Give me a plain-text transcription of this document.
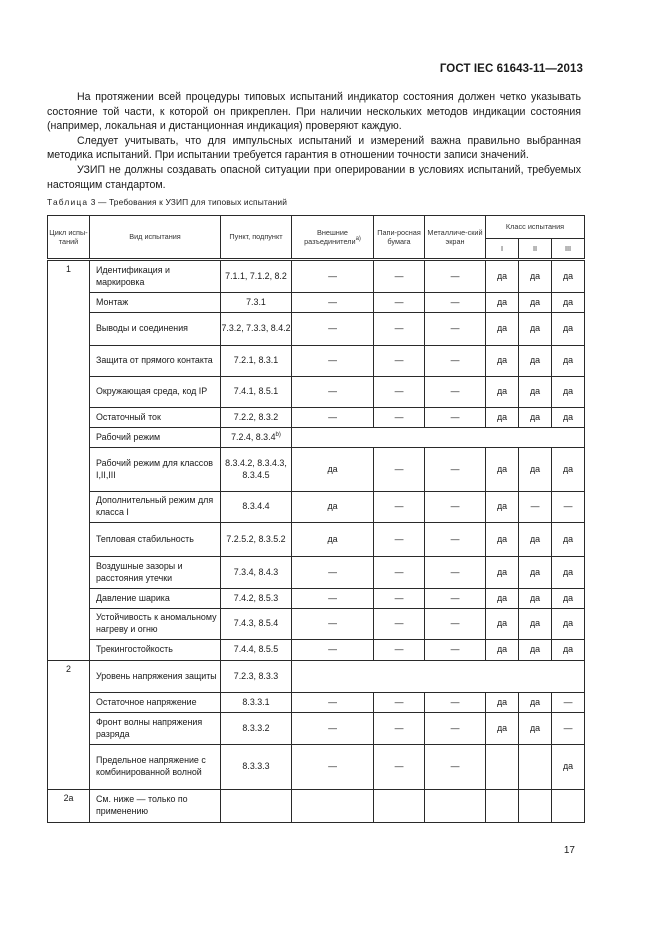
ГОСТ IEC 61643-11—2013

На протяжении всей процедуры типовых испытаний индикатор состояния должен четко указывать состояние той части, к которой он прикреплен. При наличии нескольких методов индикации состояния (например, локальная и дистанционная индикация) проверяют каждую.

Следует учитывать, что для импульсных испытаний и измерений важна правильно выбранная методика испытаний. При испытании требуется гарантия в отношении точности записи значений.

УЗИП не должны создавать опасной ситуации при оперировании в условиях испытаний, требуемых настоящим стандартом.

Таблица 3 — Требования к УЗИП для типовых испытаний
Цикл испы-таний	Вид испытания	Пункт, подпункт	Внешние разъединители$^{a)}$	Папи-росная бумага	Металличе-ский экран	Класс испытания		
						I	II	III
1	Идентификация и маркировка	7.1.1, 7.1.2, 8.2	—	—	—	да	да	да
	Монтаж	7.3.1	—	—	—	да	да	да
	Выводы и соединения	7.3.2, 7.3.3, 8.4.2	—	—	—	да	да	да
	Защита от прямого контакта	7.2.1, 8.3.1	—	—	—	да	да	да
	Окружающая среда, код IP	7.4.1, 8.5.1	—	—	—	да	да	да
	Остаточный ток	7.2.2, 8.3.2	—	—	—	да	да	да
	Рабочий режим	7.2.4, 8.3.4$^{b)}$	
	Рабочий режим для классов I,II,III	8.3.4.2, 8.3.4.3, 8.3.4.5	да	—	—	да	да	да
	Дополнительный режим для класса I	8.3.4.4	да	—	—	да	—	—
	Тепловая стабильность	7.2.5.2, 8.3.5.2	да	—	—	да	да	да
	Воздушные зазоры и расстояния утечки	7.3.4, 8.4.3	—	—	—	да	да	да
	Давление шарика	7.4.2, 8.5.3	—	—	—	да	да	да
	Устойчивость к аномальному нагреву и огню	7.4.3, 8.5.4	—	—	—	да	да	да
	Трекингостойкость	7.4.4, 8.5.5	—	—	—	да	да	да
2	Уровень напряжения защиты	7.2.3, 8.3.3						
	Остаточное напряжение	8.3.3.1	—	—	—	да	да	—
	Фронт волны напряжения разряда	8.3.3.2	—	—	—	да	да	—
	Предельное напряжение с комбинированной волной	8.3.3.3	—	—	—			да
2a	См. ниже — только по применению							
17
